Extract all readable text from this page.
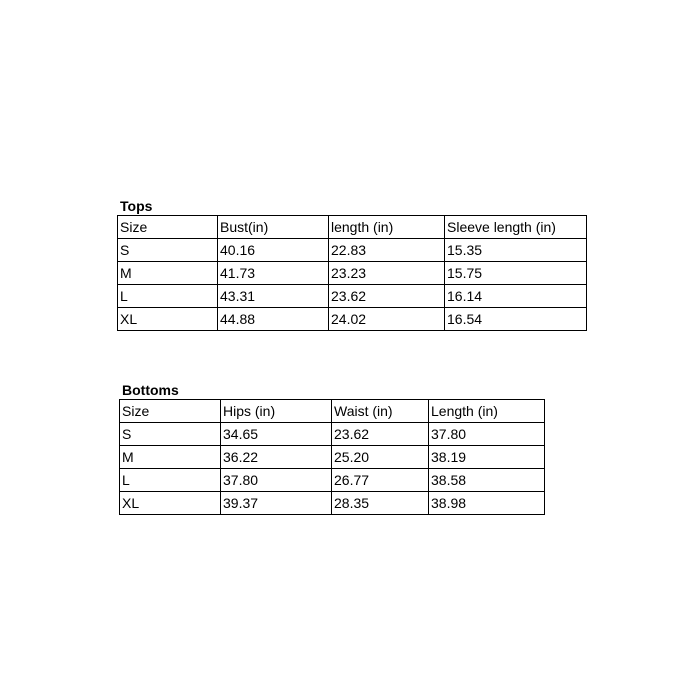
Tops
Size	Bust(in)	length (in)	Sleeve length (in)
S	40.16	22.83	15.35
M	41.73	23.23	15.75
L	43.31	23.62	16.14
XL	44.88	24.02	16.54
Bottoms
Size	Hips (in)	Waist (in)	Length (in)
S	34.65	23.62	37.80
M	36.22	25.20	38.19
L	37.80	26.77	38.58
XL	39.37	28.35	38.98
